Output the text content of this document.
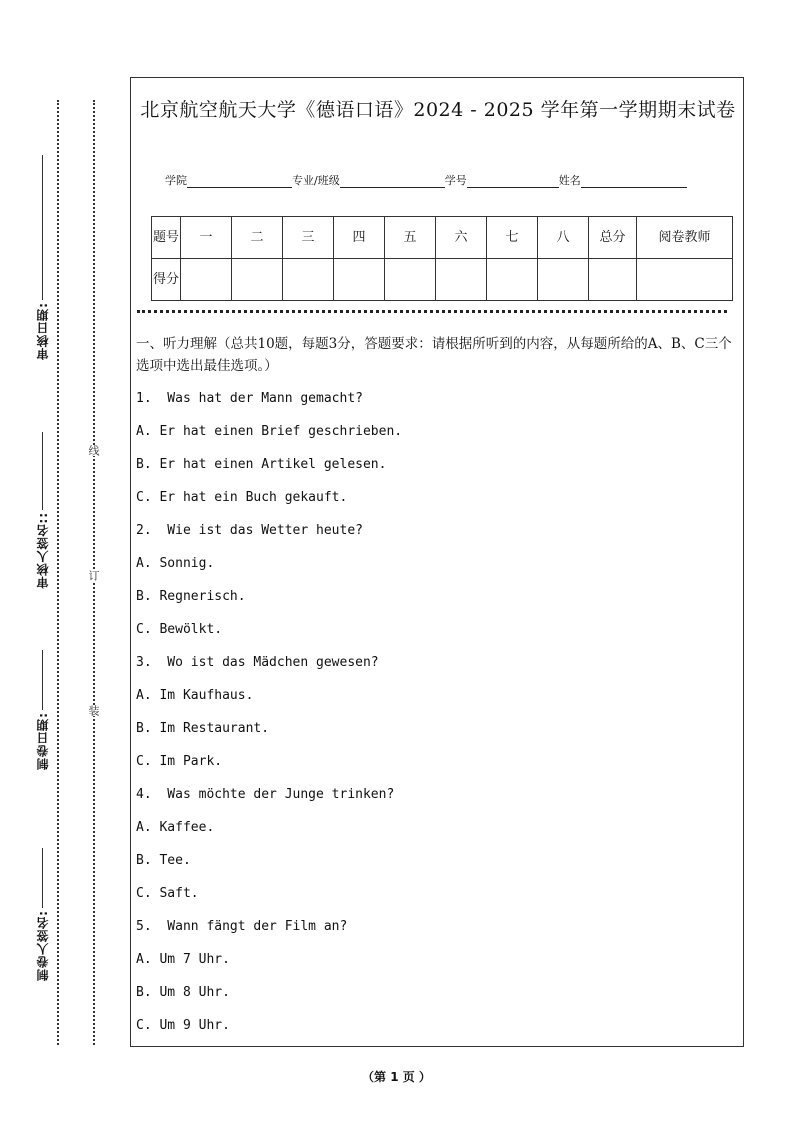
审核日期:
审核人签名::
制卷日期:
制卷人签名:
线
订
装
北京航空航天大学《德语口语》2024 - 2025 学年第一学期期末试卷
学院	专业/班级	学号	姓名
题号	一	二	三	四	五	六	七	八	总分	阅卷教师
得分										
一、听力理解（总共10题，每题3分，答题要求：请根据所听到的内容，从每题所给的A、B、C三个选项中选出最佳选项。）
1.  Was hat der Mann gemacht?
A. Er hat einen Brief geschrieben.
B. Er hat einen Artikel gelesen.
C. Er hat ein Buch gekauft.
2.  Wie ist das Wetter heute?
A. Sonnig.
B. Regnerisch.
C. Bewölkt.
3.  Wo ist das Mädchen gewesen?
A. Im Kaufhaus.
B. Im Restaurant.
C. Im Park.
4.  Was möchte der Junge trinken?
A. Kaffee.
B. Tee.
C. Saft.
5.  Wann fängt der Film an?
A. Um 7 Uhr.
B. Um 8 Uhr.
C. Um 9 Uhr.
（第 1 页 ）
